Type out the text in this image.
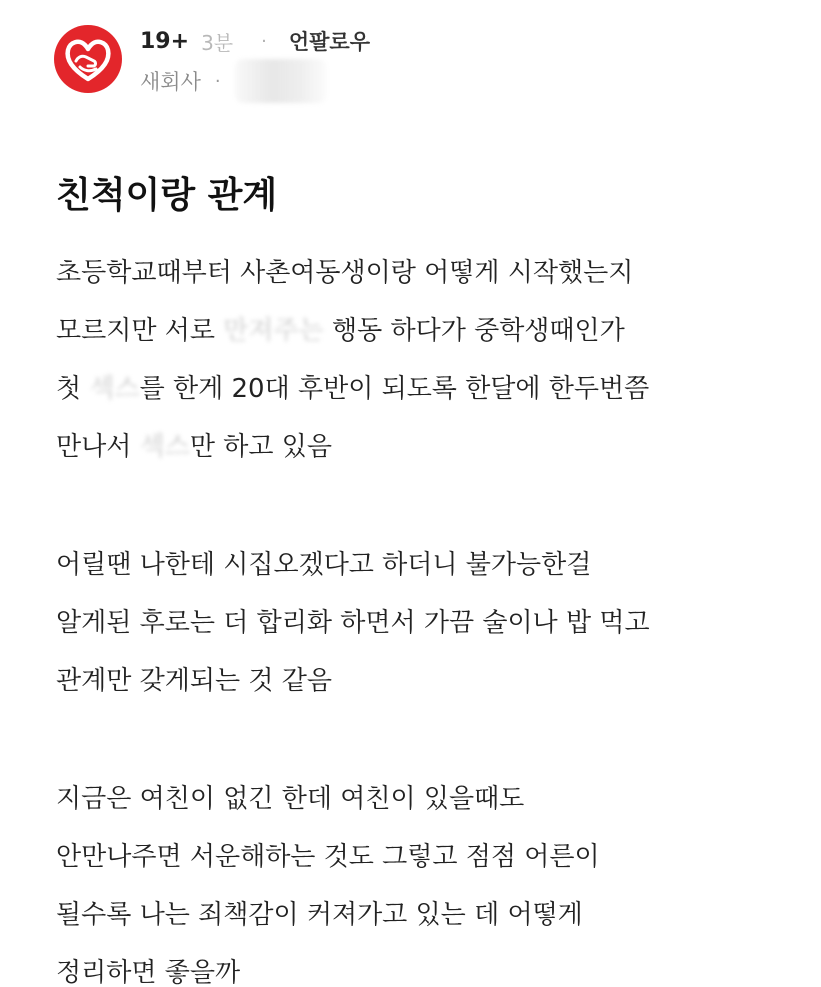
19+ 3분 · 언팔로우
새회사 ·
친척이랑 관계
초등학교때부터 사촌여동생이랑 어떻게 시작했는지
모르지만 서로 만져주는 행동 하다가 중학생때인가
첫 섹스를 한게 20대 후반이 되도록 한달에 한두번쯤
만나서 섹스만 하고 있음
어릴땐 나한테 시집오겠다고 하더니 불가능한걸
알게된 후로는 더 합리화 하면서 가끔 술이나 밥 먹고
관계만 갖게되는 것 같음
지금은 여친이 없긴 한데 여친이 있을때도
안만나주면 서운해하는 것도 그렇고 점점 어른이
될수록 나는 죄책감이 커져가고 있는 데 어떻게
정리하면 좋을까
